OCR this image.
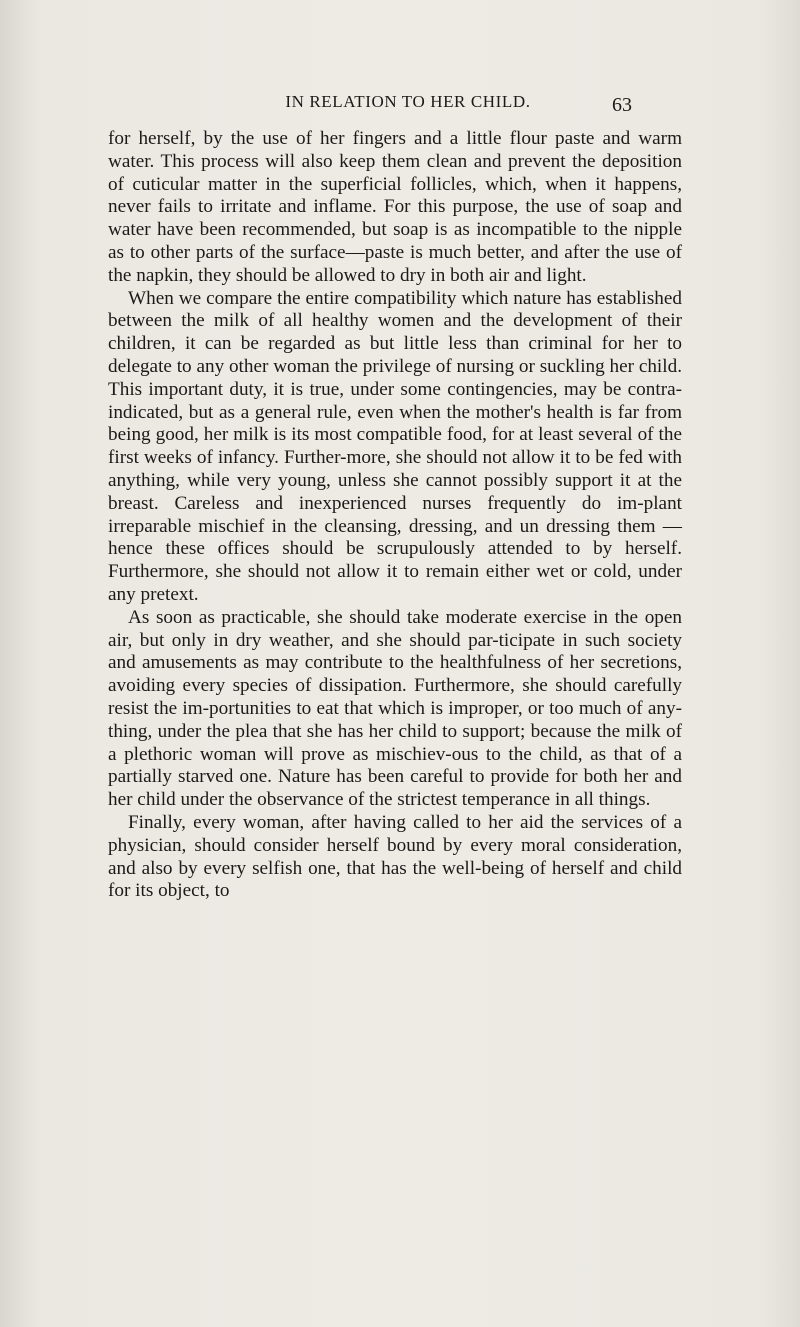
IN RELATION TO HER CHILD.	63

for herself, by the use of her fingers and a little flour paste and warm water. This process will also keep them clean and prevent the deposition of cuticular matter in the superficial follicles, which, when it happens, never fails to irritate and inflame. For this purpose, the use of soap and water have been recommended, but soap is as incompatible to the nipple as to other parts of the surface—paste is much better, and after the use of the napkin, they should be allowed to dry in both air and light.

When we compare the entire compatibility which nature has established between the milk of all healthy women and the development of their children, it can be regarded as but little less than criminal for her to delegate to any other woman the privilege of nursing or suckling her child. This important duty, it is true, under some contingencies, may be contra-indicated, but as a general rule, even when the mother's health is far from being good, her milk is its most compatible food, for at least several of the first weeks of infancy. Further-more, she should not allow it to be fed with anything, while very young, unless she cannot possibly support it at the breast. Careless and inexperienced nurses frequently do im-plant irreparable mischief in the cleansing, dressing, and un dressing them — hence these offices should be scrupulously attended to by herself. Furthermore, she should not allow it to remain either wet or cold, under any pretext.

As soon as practicable, she should take moderate exercise in the open air, but only in dry weather, and she should par-ticipate in such society and amusements as may contribute to the healthfulness of her secretions, avoiding every species of dissipation. Furthermore, she should carefully resist the im-portunities to eat that which is improper, or too much of any-thing, under the plea that she has her child to support; because the milk of a plethoric woman will prove as mischiev-ous to the child, as that of a partially starved one. Nature has been careful to provide for both her and her child under the observance of the strictest temperance in all things.

Finally, every woman, after having called to her aid the services of a physician, should consider herself bound by every moral consideration, and also by every selfish one, that has the well-being of herself and child for its object, to
